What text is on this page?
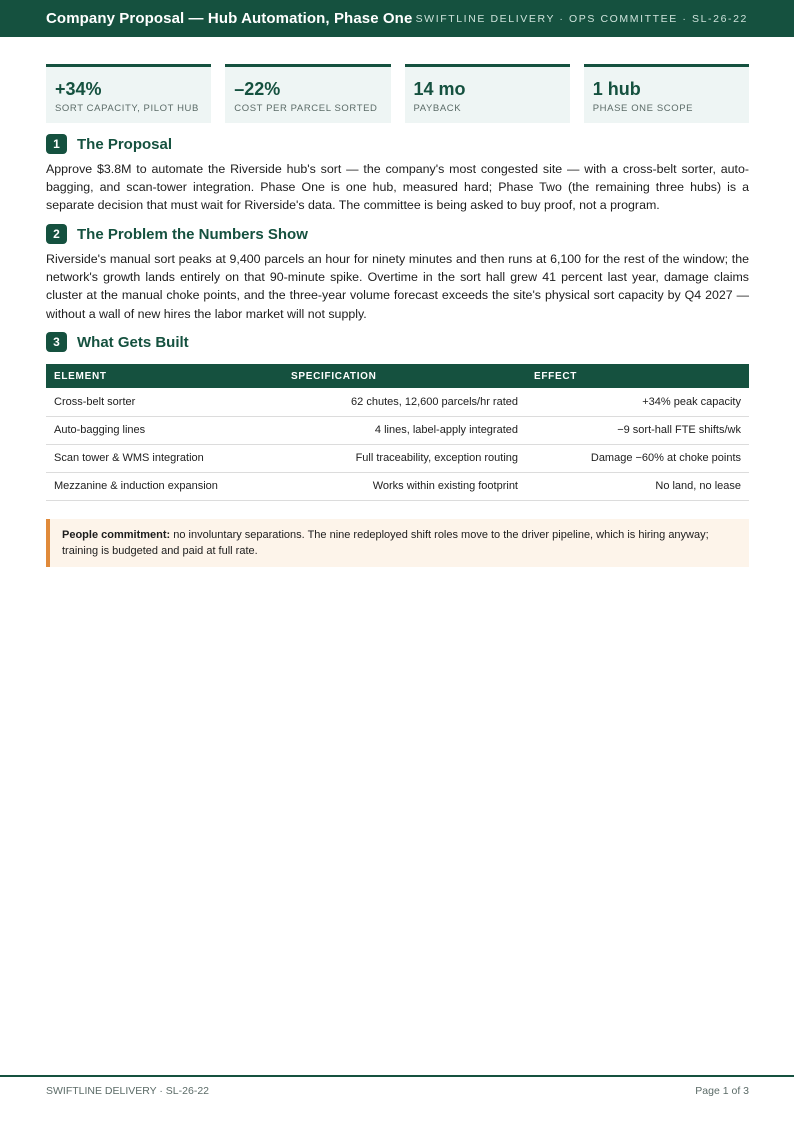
Company Proposal — Hub Automation, Phase One SWIFTLINE DELIVERY · OPS COMMITTEE · SL-26-22
+34%
SORT CAPACITY, PILOT HUB
–22%
COST PER PARCEL SORTED
14 mo
PAYBACK
1 hub
PHASE ONE SCOPE
1	The Proposal

Approve $3.8M to automate the Riverside hub's sort — the company's most congested site — with a cross-belt sorter, auto-bagging, and scan-tower integration. Phase One is one hub, measured hard; Phase Two (the remaining three hubs) is a separate decision that must wait for Riverside's data. The committee is being asked to buy proof, not a program.

2	The Problem the Numbers Show

Riverside's manual sort peaks at 9,400 parcels an hour for ninety minutes and then runs at 6,100 for the rest of the window; the network's growth lands entirely on that 90-minute spike. Overtime in the sort hall grew 41 percent last year, damage claims cluster at the manual choke points, and the three-year volume forecast exceeds the site's physical sort capacity by Q4 2027 — without a wall of new hires the labor market will not supply.

3	What Gets Built
ELEMENT	SPECIFICATION	EFFECT
Cross-belt sorter	62 chutes, 12,600 parcels/hr rated	+34% peak capacity
Auto-bagging lines	4 lines, label-apply integrated	−9 sort-hall FTE shifts/wk
Scan tower & WMS integration	Full traceability, exception routing	Damage −60% at choke points
Mezzanine & induction expansion	Works within existing footprint	No land, no lease
People commitment: no involuntary separations. The nine redeployed shift roles move to the driver pipeline, which is hiring anyway; training is budgeted and paid at full rate.
SWIFTLINE DELIVERY · SL-26-22	Page 1 of 3
